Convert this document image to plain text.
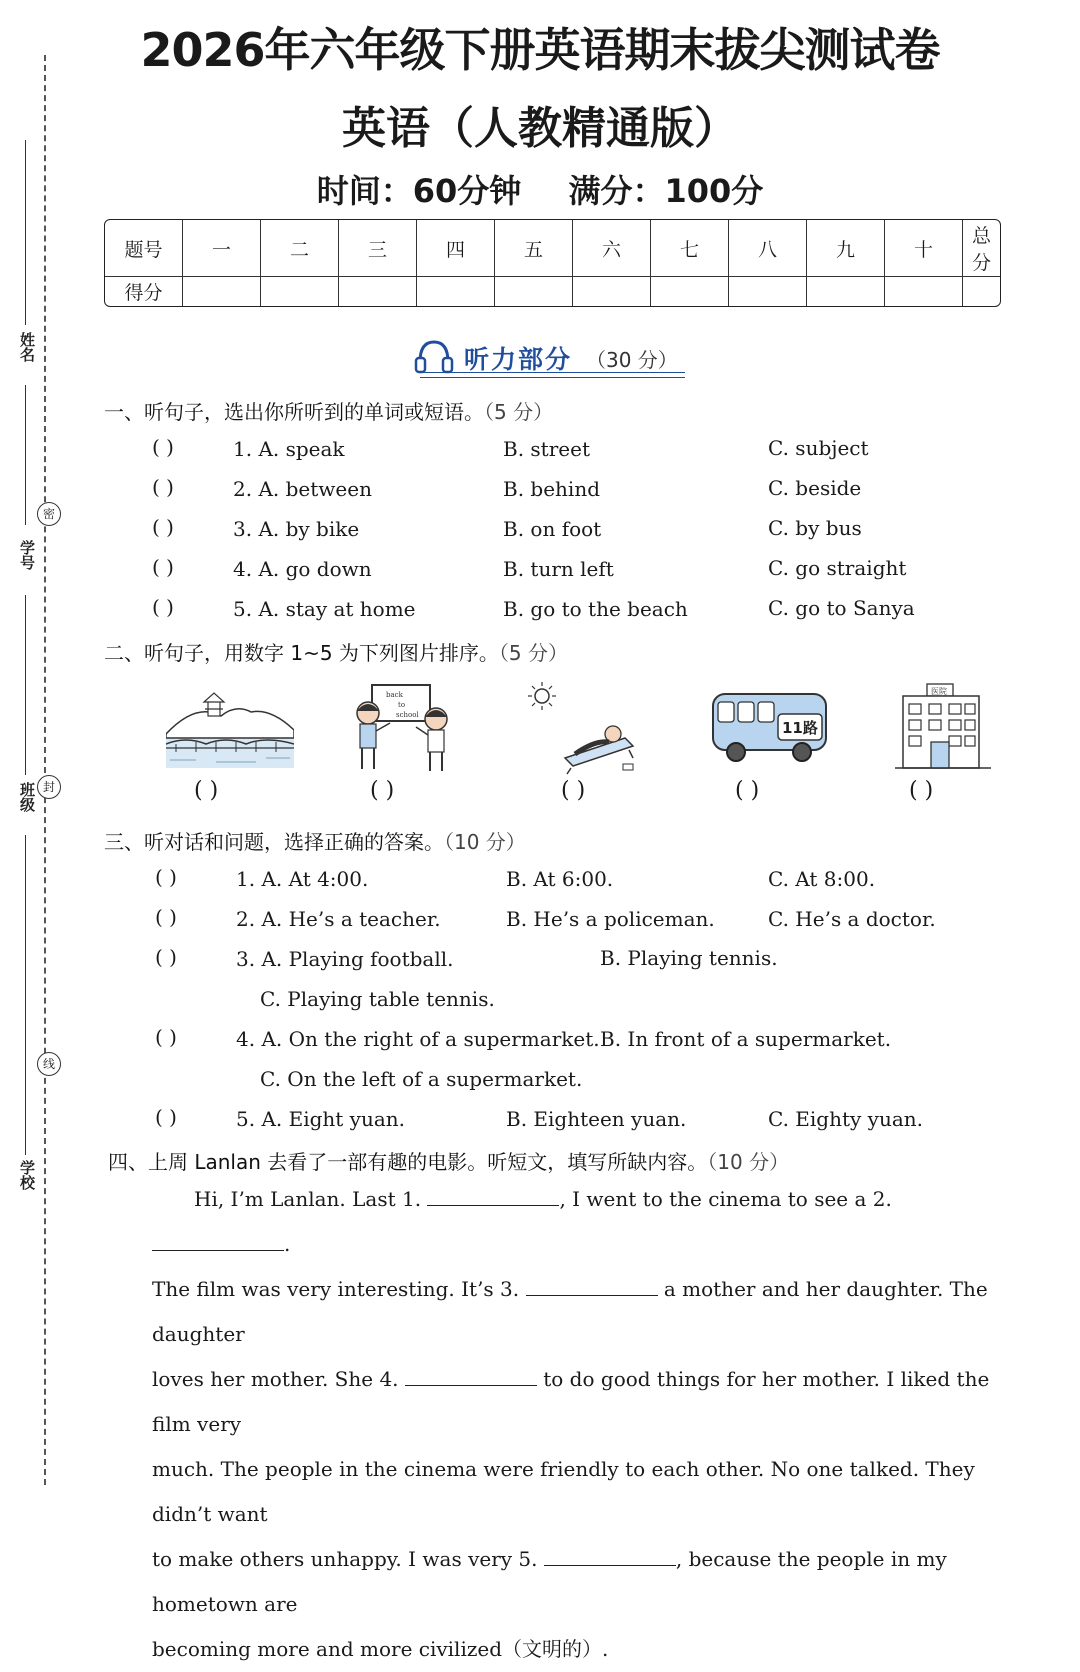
姓名
学号
班级
学校
密
封
线
2026年六年级下册英语期末拔尖测试卷
英语（人教精通版）
时间：60分钟 满分：100分
题号	一	二	三	四	五	六	七	八	九	十	总分
得分											
听力部分 （30 分）
一、听句子，选出你所听到的单词或短语。（5 分）
( )	1. A. speak	B. street	C. subject
( )	2. A. between	B. behind	C. beside
( )	3. A. by bike	B. on foot	C. by bus
( )	4. A. go down	B. turn left	C. go straight
( )	5. A. stay at home	B. go to the beach	C. go to Sanya
二、听句子，用数字 1~5 为下列图片排序。（5 分）
back
to
school
11路
医院
( )	( )	( )	( )	( )
三、听对话和问题，选择正确的答案。（10 分）
( )	1. A. At 4:00.	B. At 6:00.	C. At 8:00.
( )	2. A. He’s a teacher.	B. He’s a policeman.	C. He’s a doctor.
( )	3. A. Playing football.	B. Playing tennis.
C. Playing table tennis.
( )	4. A. On the right of a supermarket. B. In front of a supermarket.
C. On the left of a supermarket.
( )	5. A. Eight yuan.	B. Eighteen yuan.	C. Eighty yuan.
四、上周 Lanlan 去看了一部有趣的电影。听短文，填写所缺内容。（10 分）
Hi, I’m Lanlan. Last 1.	, I went to the cinema to see a 2. .
The film was very interesting. It’s 3.	a mother and her daughter. The daughter
loves her mother. She 4.	to do good things for her mother. I liked the film very
much. The people in the cinema were friendly to each other. No one talked. They didn’t want
to make others unhappy. I was very 5.	, because the people in my hometown are
becoming more and more civilized（文明的）.
